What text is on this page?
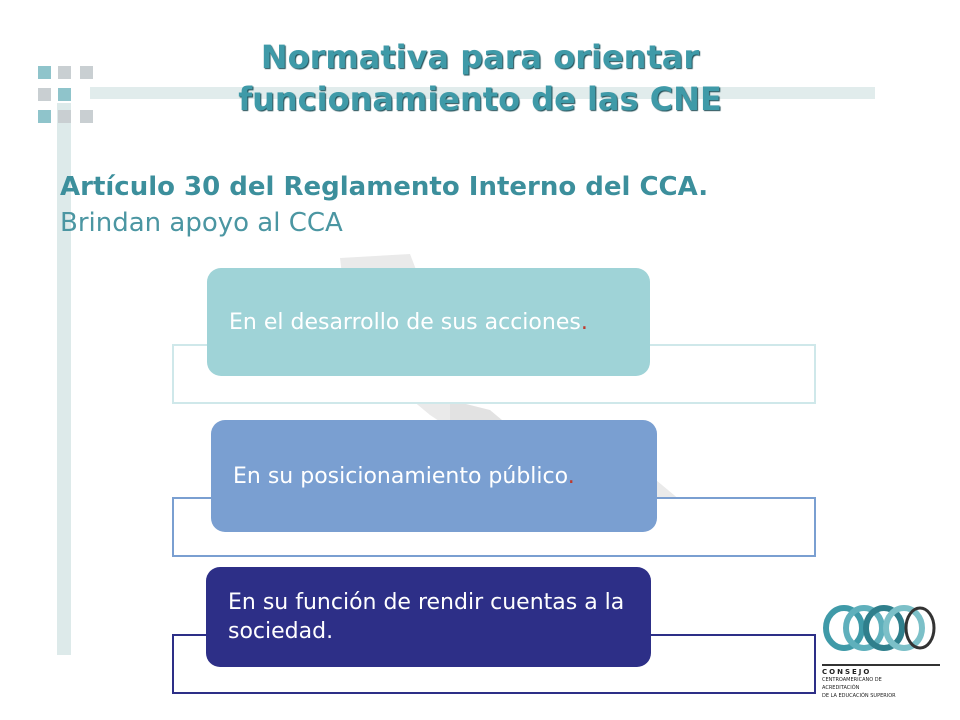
Normativa para orientar
funcionamiento de las CNE

Artículo 30 del Reglamento Interno del CCA.

Brindan apoyo al CCA

En el desarrollo de sus acciones.
En su posicionamiento público.
En su función de rendir cuentas a la sociedad.
CONSEJO
CENTROAMERICANO DE
ACREDITACIÓN
DE LA EDUCACIÓN SUPERIOR
